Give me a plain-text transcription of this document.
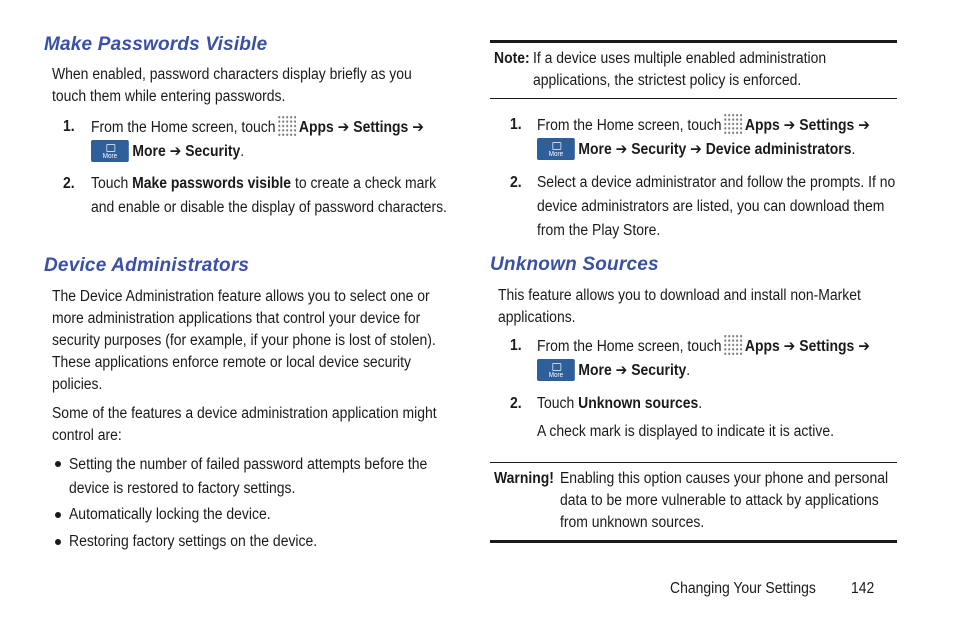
Make Passwords Visible

When enabled, password characters display briefly as you touch them while entering passwords.

1. From the Home screen, touch Apps ➔ Settings ➔

More More ➔ Security.
2. Touch Make passwords visible to create a check mark and enable or disable the display of password characters.
Device Administrators

The Device Administration feature allows you to select one or more administration applications that control your device for security purposes (for example, if your phone is lost of stolen). These applications enforce remote or local device security policies.

Some of the features a device administration application might control are:

Setting the number of failed password attempts before the device is restored to factory settings.

Automatically locking the device.

Restoring factory settings on the device.

Note: If a device uses multiple enabled administration applications, the strictest policy is enforced.

1. From the Home screen, touch Apps ➔ Settings ➔

More More ➔ Security ➔ Device administrators.
2. Select a device administrator and follow the prompts. If no device administrators are listed, you can download them from the Play Store.
Unknown Sources

This feature allows you to download and install non-Market applications.

1. From the Home screen, touch Apps ➔ Settings ➔

More More ➔ Security.
2. Touch Unknown sources.

A check mark is displayed to indicate it is active.

Warning! Enabling this option causes your phone and personal data to be more vulnerable to attack by applications from unknown sources.

Changing Your Settings 142
